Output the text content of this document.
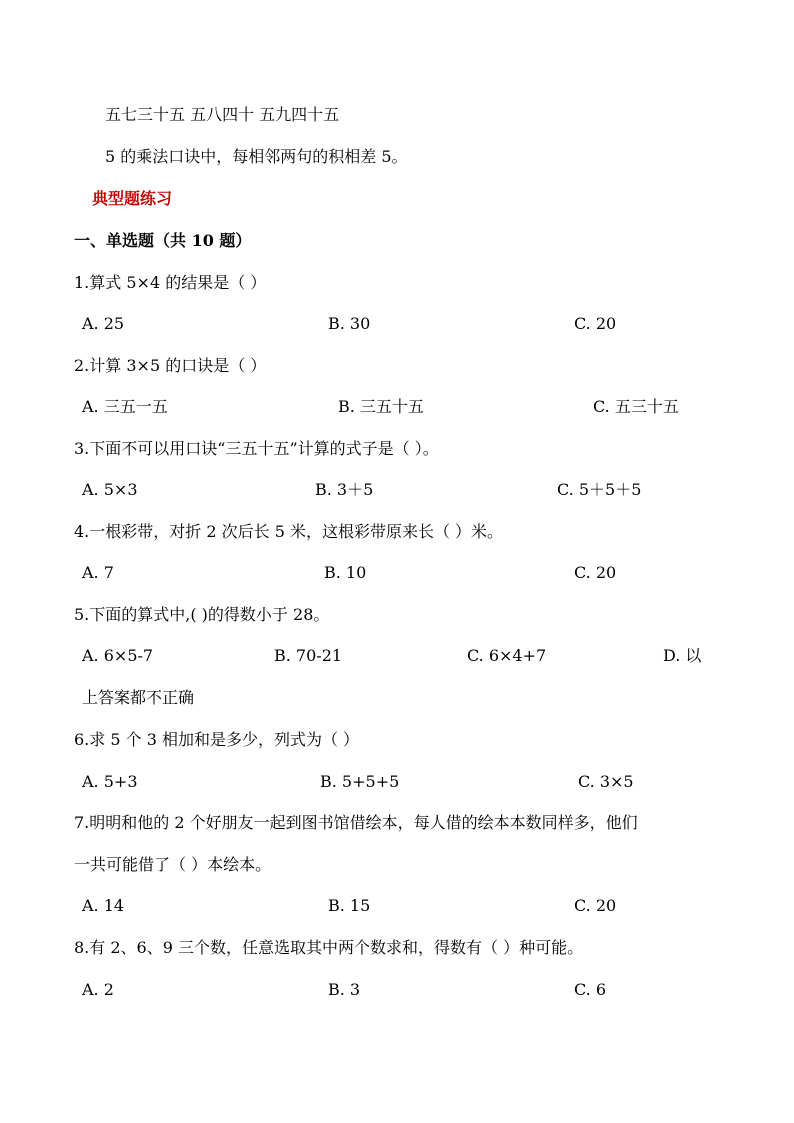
五七三十五 五八四十 五九四十五
5 的乘法口诀中，每相邻两句的积相差 5。
典型题练习
一、单选题（共 10 题）
1.算式 5×4 的结果是（ ）
A. 25	B. 30	C. 20
2.计算 3×5 的口诀是（ ）
A. 三五一五	B. 三五十五	C. 五三十五
3.下面不可以用口诀“三五十五”计算的式子是（ ）。
A. 5×3	B. 3＋5	C. 5＋5＋5
4.一根彩带，对折 2 次后长 5 米，这根彩带原来长（ ）米。
A. 7	B. 10	C. 20
5.下面的算式中,( )的得数小于 28。
A. 6×5-7	B. 70-21	C. 6×4+7	D. 以
上答案都不正确
6.求 5 个 3 相加和是多少，列式为（ ）
A. 5+3	B. 5+5+5	C. 3×5
7.明明和他的 2 个好朋友一起到图书馆借绘本，每人借的绘本本数同样多，他们
一共可能借了（ ）本绘本。
A. 14	B. 15	C. 20
8.有 2、6、9 三个数，任意选取其中两个数求和，得数有（ ）种可能。
A. 2	B. 3	C. 6
